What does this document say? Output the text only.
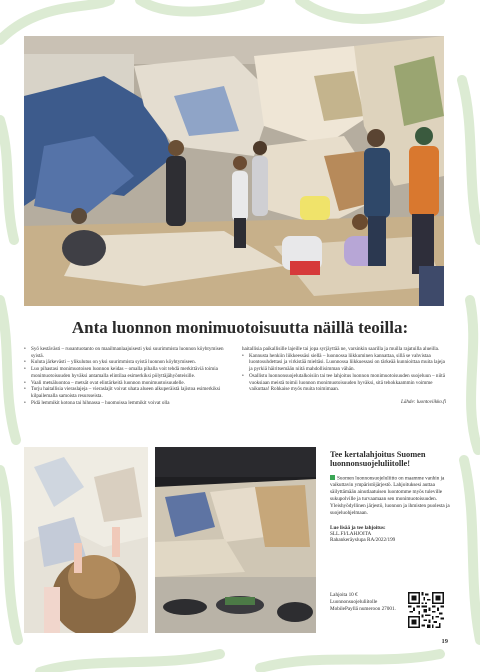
Anta luonnon monimuotoisuutta näillä teoilla:
• Syö kestävästi – ruoantuotanto on maailmanlaajuisesti yksi suurimmista luonnon köyhtymisen syistä.
• Kuluta järkevästi – ylikulutus on yksi suurimmista syistä luonnon köyhtymiseen.
• Luo pihastasi monimuotoisen luonnon keidas – omalla pihalla voit tehdä merkittäviä toimia monimuotoisuuden hyväksi antamalla elintilaa esimerkiksi pölyttäjähyönteisille.
• Vaali metsäluontoa – metsät ovat elintärkeitä luonnon monimuotoisuudelle.
• Torju haitallisia vieraslajeja – vieraslajit voivat uhata alueen alkuperäistä lajistoa esimerkiksi kilpailemalla samoista resursseista.
• Pidä lemmikit kotona tai hihnassa – huomoissa lemmikit voivat olla

haitallisia paikallisille lajeille tai jopa syrjäyttää ne, varsinkin saarilla ja muilla rajatuilla alueilla.

• Kannusta henkiin liikkeessäsi siellä – luonnossa liikkuminen kannattaa, sillä se vahvistaa luontosuhdettasi ja virkistää mieltäsi. Luonnossa liikkuessasi on tärkeää kunnioittaa muita lajeja ja pyrkiä häiritsemään niitä mahdollisimman vähän.
• Osallistu luonnonsuojelutalkoisiin tai tee lahjoitus luonnon monimuotoisuuden suojeluun – niitä vuoksiaan meistä toimii luonnon monimuotoisuuden hyväksi, sitä tehokkaammin voimme vaikuttaa! Rohkaise myös muita toimimaan.
Lähde: luontoviikko.fi
Tee kertalahjoitus Suomen luonnonsuojeluliitolle!
Suomen luonnonsuojeluliitto on maamme vanhin ja vaikuttavin ympäristöjärjestö. Lahjoituksesi auttaa säilyttämään ainutlaatuisen luontomme myös tuleville sukupolville ja turvaamaan sen monimuotoisuuden. Yleishyödyllinen järjestö, luonnon ja ihmisten puolesta ja suojeluohjelmaan.
Lue lisää ja tee lahjoitus:
SLL.FI/LAHJOITA
Rahankeräyslupa RA/2022/199
Lahjoita 10 € Luonnonsuojeluliitolle MobilePayllä numeroon 27001.
19
